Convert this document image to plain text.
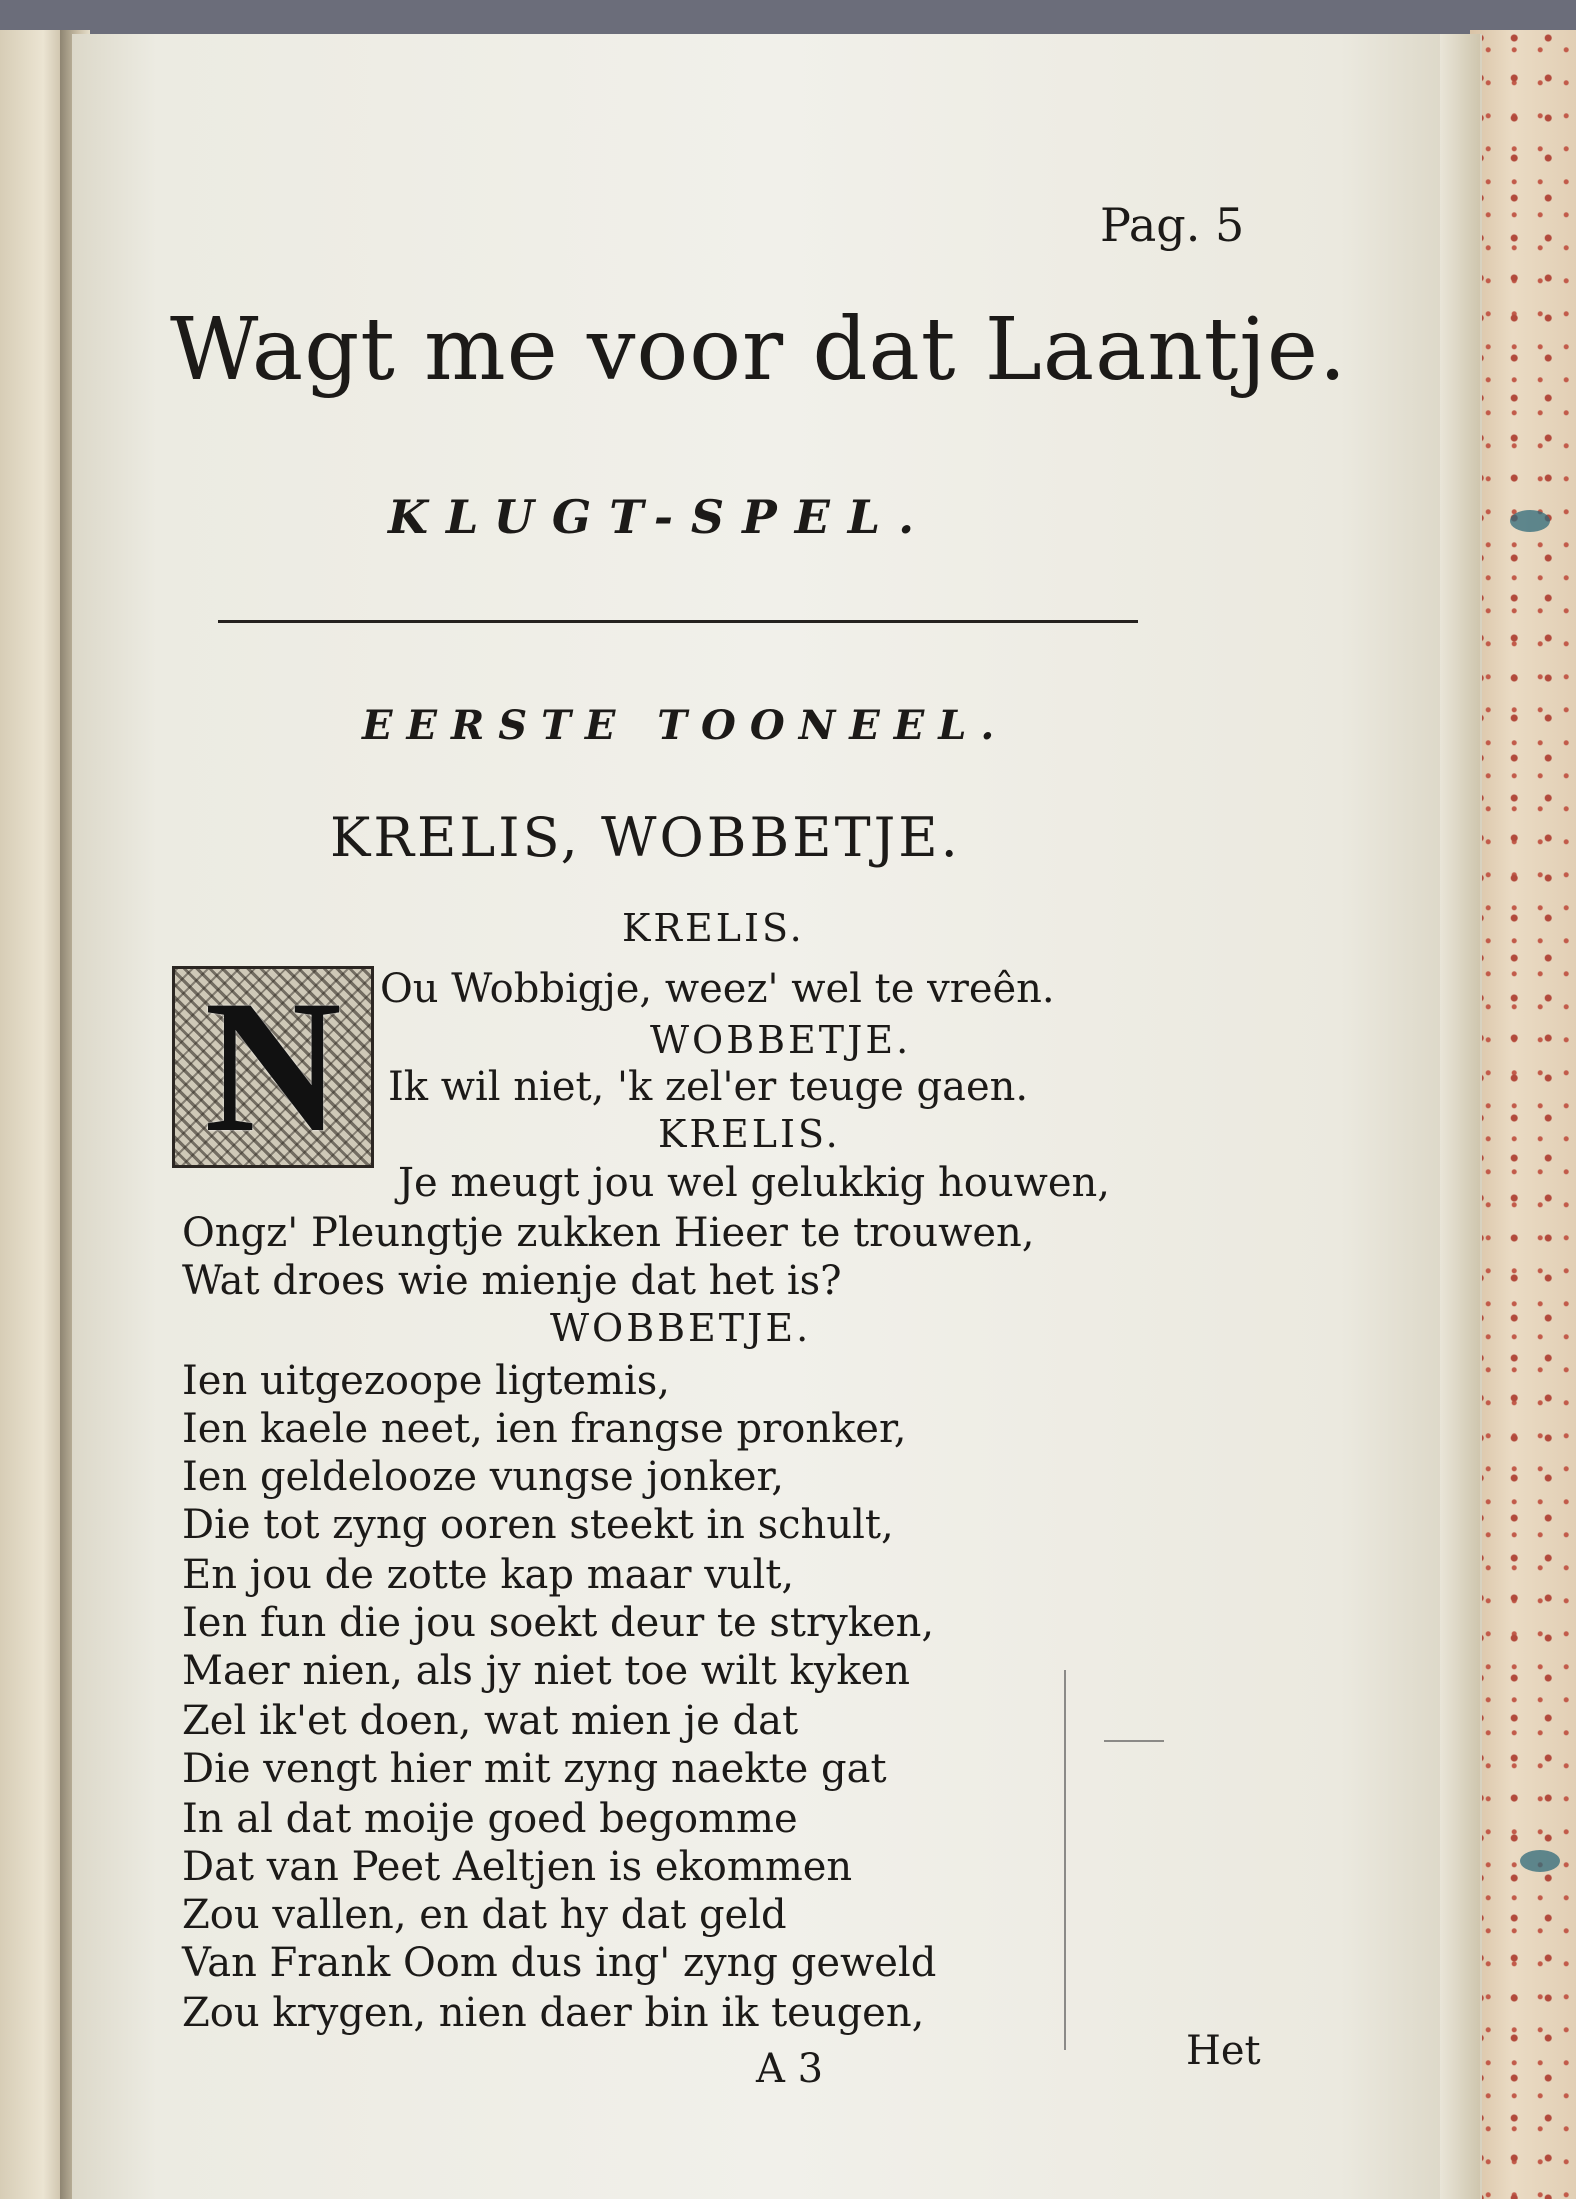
Pag. 5
Wagt me voor dat Laantje.
KLUGT-SPEL.
EERSTE TOONEEL.
KRELIS, WOBBETJE.
KRELIS.
N Ou Wobbigje, weez' wel te vreên.
WOBBETJE.
Ik wil niet, 'k zel'er teuge gaen.
KRELIS.
Je meugt jou wel gelukkig houwen,
Ongz' Pleungtje zukken Hieer te trouwen,
Wat droes wie mienje dat het is?
WOBBETJE.
Ien uitgezoope ligtemis,
Ien kaele neet, ien frangse pronker,
Ien geldelooze vungse jonker,
Die tot zyng ooren steekt in schult,
En jou de zotte kap maar vult,
Ien fun die jou soekt deur te stryken,
Maer nien, als jy niet toe wilt kyken
Zel ik'et doen, wat mien je dat
Die vengt hier mit zyng naekte gat
In al dat moije goed begomme
Dat van Peet Aeltjen is ekommen
Zou vallen, en dat hy dat geld
Van Frank Oom dus ing' zyng geweld
Zou krygen, nien daer bin ik teugen,
A 3	Het
